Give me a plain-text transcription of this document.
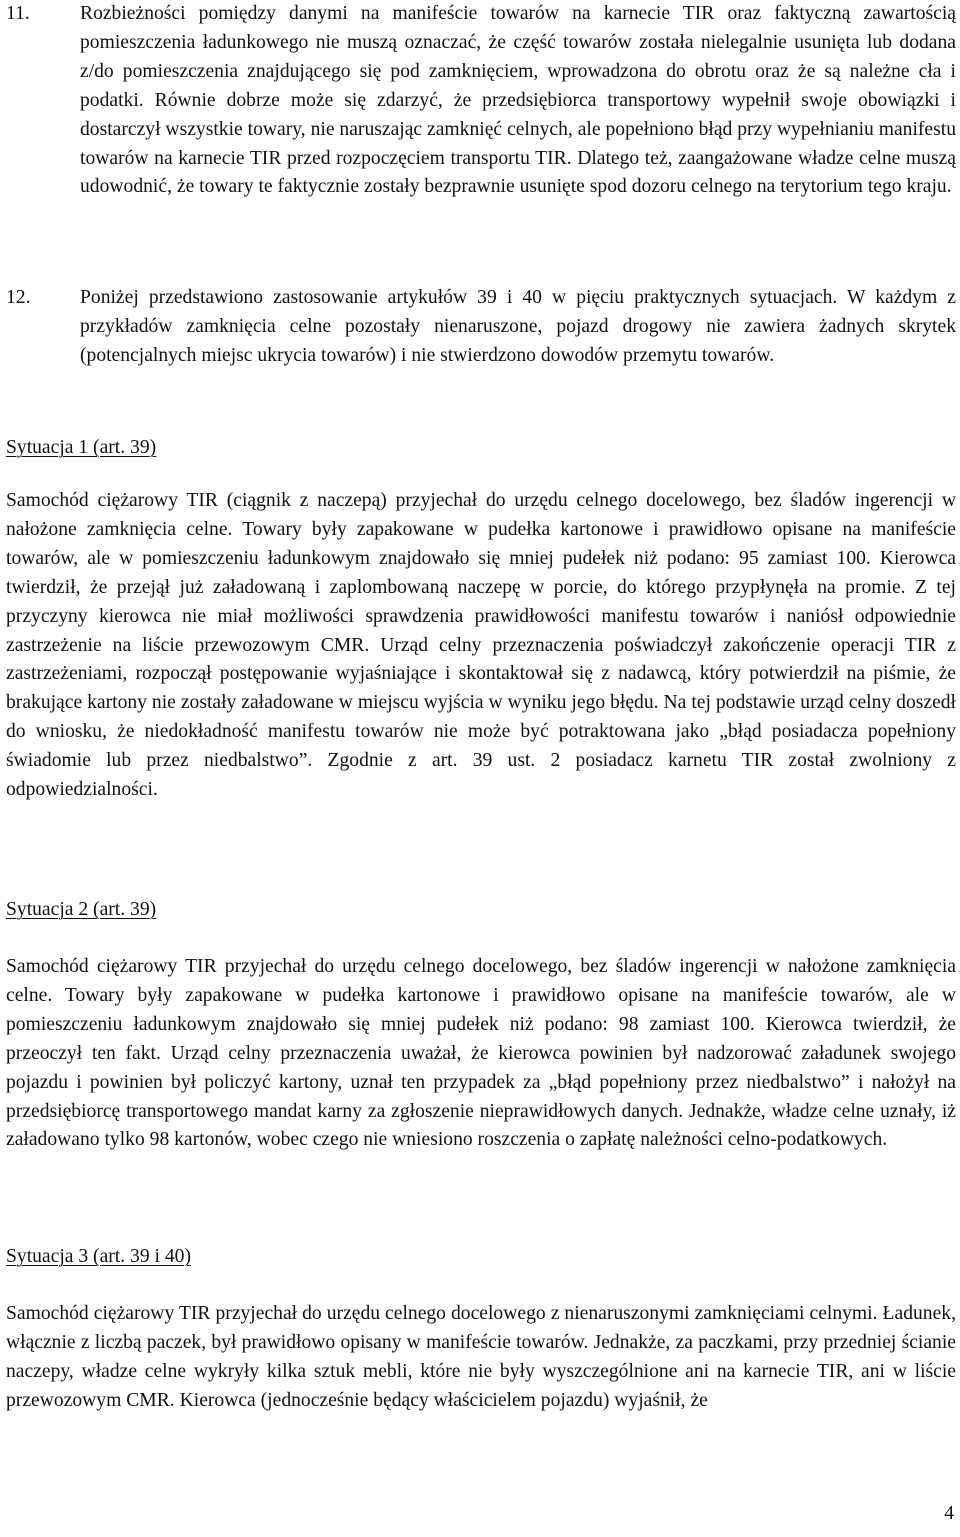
11.	Rozbieżności pomiędzy danymi na manifeście towarów na karnecie TIR oraz faktyczną zawartością pomieszczenia ładunkowego nie muszą oznaczać, że część towarów została nielegalnie usunięta lub dodana z/do pomieszczenia znajdującego się pod zamknięciem, wprowadzona do obrotu oraz że są należne cła i podatki. Równie dobrze może się zdarzyć, że przedsiębiorca transportowy wypełnił swoje obowiązki i dostarczył wszystkie towary, nie naruszając zamknięć celnych, ale popełniono błąd przy wypełnianiu manifestu towarów na karnecie TIR przed rozpoczęciem transportu TIR. Dlatego też, zaangażowane władze celne muszą udowodnić, że towary te faktycznie zostały bezprawnie usunięte spod dozoru celnego na terytorium tego kraju.
12.	Poniżej przedstawiono zastosowanie artykułów 39 i 40 w pięciu praktycznych sytuacjach. W każdym z przykładów zamknięcia celne pozostały nienaruszone, pojazd drogowy nie zawiera żadnych skrytek (potencjalnych miejsc ukrycia towarów) i nie stwierdzono dowodów przemytu towarów.
Sytuacja 1 (art. 39)
Samochód ciężarowy TIR (ciągnik z naczepą) przyjechał do urzędu celnego docelowego, bez śladów ingerencji w nałożone zamknięcia celne. Towary były zapakowane w pudełka kartonowe i prawidłowo opisane na manifeście towarów, ale w pomieszczeniu ładunkowym znajdowało się mniej pudełek niż podano: 95 zamiast 100. Kierowca twierdził, że przejął już załadowaną i zaplombowaną naczepę w porcie, do którego przypłynęła na promie. Z tej przyczyny kierowca nie miał możliwości sprawdzenia prawidłowości manifestu towarów i naniósł odpowiednie zastrzeżenie na liście przewozowym CMR. Urząd celny przeznaczenia poświadczył zakończenie operacji TIR z zastrzeżeniami, rozpoczął postępowanie wyjaśniające i skontaktował się z nadawcą, który potwierdził na piśmie, że brakujące kartony nie zostały załadowane w miejscu wyjścia w wyniku jego błędu. Na tej podstawie urząd celny doszedł do wniosku, że niedokładność manifestu towarów nie może być potraktowana jako „błąd posiadacza popełniony świadomie lub przez niedbalstwo”. Zgodnie z art. 39 ust. 2 posiadacz karnetu TIR został zwolniony z odpowiedzialności.
Sytuacja 2 (art. 39)
Samochód ciężarowy TIR przyjechał do urzędu celnego docelowego, bez śladów ingerencji w nałożone zamknięcia celne. Towary były zapakowane w pudełka kartonowe i prawidłowo opisane na manifeście towarów, ale w pomieszczeniu ładunkowym znajdowało się mniej pudełek niż podano: 98 zamiast 100. Kierowca twierdził, że przeoczył ten fakt. Urząd celny przeznaczenia uważał, że kierowca powinien był nadzorować załadunek swojego pojazdu i powinien był policzyć kartony, uznał ten przypadek za „błąd popełniony przez niedbalstwo” i nałożył na przedsiębiorcę transportowego mandat karny za zgłoszenie nieprawidłowych danych. Jednakże, władze celne uznały, iż załadowano tylko 98 kartonów, wobec czego nie wniesiono roszczenia o zapłatę należności celno-podatkowych.
Sytuacja 3 (art. 39 i 40)
Samochód ciężarowy TIR przyjechał do urzędu celnego docelowego z nienaruszonymi zamknięciami celnymi. Ładunek, włącznie z liczbą paczek, był prawidłowo opisany w manifeście towarów. Jednakże, za paczkami, przy przedniej ścianie naczepy, władze celne wykryły kilka sztuk mebli, które nie były wyszczególnione ani na karnecie TIR, ani w liście przewozowym CMR. Kierowca (jednocześnie będący właścicielem pojazdu) wyjaśnił, że
4
